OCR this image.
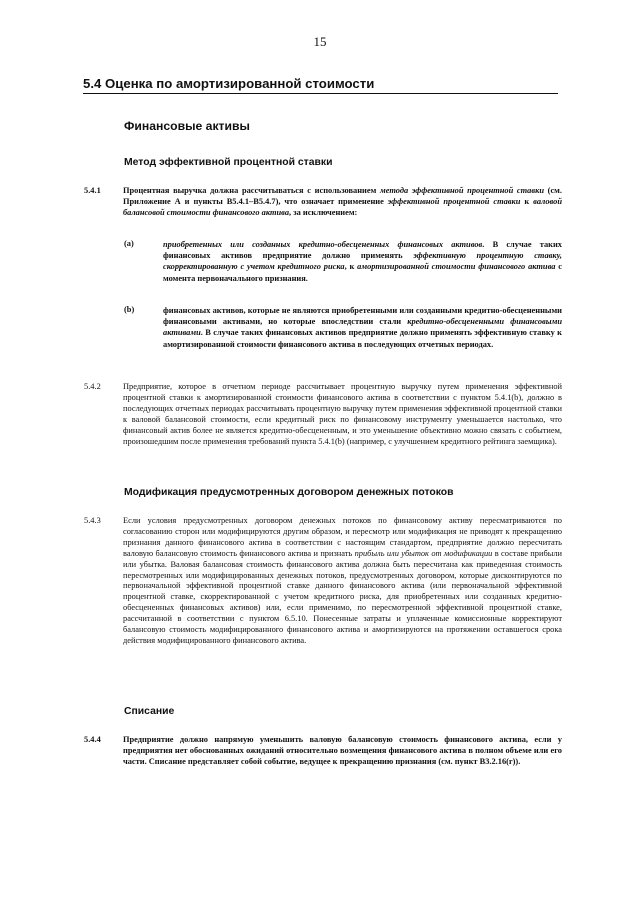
15
5.4 Оценка по амортизированной стоимости
Финансовые активы
Метод эффективной процентной ставки
5.4.1	Процентная выручка должна рассчитываться с использованием метода эффективной процентной ставки (см. Приложение А и пункты В5.4.1–В5.4.7), что означает применение эффективной процентной ставки к валовой балансовой стоимости финансового актива, за исключением:
(a)	приобретенных или созданных кредитно-обесцененных финансовых активов. В случае таких финансовых активов предприятие должно применять эффективную процентную ставку, скорректированную с учетом кредитного риска, к амортизированной стоимости финансового актива с момента первоначального признания.
(b)	финансовых активов, которые не являются приобретенными или созданными кредитно-обесцененными финансовыми активами, но которые впоследствии стали кредитно-обесцененными финансовыми активами. В случае таких финансовых активов предприятие должно применять эффективную ставку к амортизированной стоимости финансового актива в последующих отчетных периодах.
5.4.2	Предприятие, которое в отчетном периоде рассчитывает процентную выручку путем применения эффективной процентной ставки к амортизированной стоимости финансового актива в соответствии с пунктом 5.4.1(b), должно в последующих отчетных периодах рассчитывать процентную выручку путем применения эффективной процентной ставки к валовой балансовой стоимости, если кредитный риск по финансовому инструменту уменьшается настолько, что финансовый актив более не является кредитно-обесцененным, и это уменьшение объективно можно связать с событием, произошедшим после применения требований пункта 5.4.1(b) (например, с улучшением кредитного рейтинга заемщика).
Модификация предусмотренных договором денежных потоков
5.4.3	Если условия предусмотренных договором денежных потоков по финансовому активу пересматриваются по согласованию сторон или модифицируются другим образом, и пересмотр или модификация не приводят к прекращению признания данного финансового актива в соответствии с настоящим стандартом, предприятие должно пересчитать валовую балансовую стоимость финансового актива и признать прибыль или убыток от модификации в составе прибыли или убытка. Валовая балансовая стоимость финансового актива должна быть пересчитана как приведенная стоимость пересмотренных или модифицированных денежных потоков, предусмотренных договором, которые дисконтируются по первоначальной эффективной процентной ставке данного финансового актива (или первоначальной эффективной процентной ставке, скорректированной с учетом кредитного риска, для приобретенных или созданных кредитно-обесцененных финансовых активов) или, если применимо, по пересмотренной эффективной процентной ставке, рассчитанной в соответствии с пунктом 6.5.10. Понесенные затраты и уплаченные комиссионные корректируют балансовую стоимость модифицированного финансового актива и амортизируются на протяжении оставшегося срока действия модифицированного финансового актива.
Списание
5.4.4	Предприятие должно напрямую уменьшить валовую балансовую стоимость финансового актива, если у предприятия нет обоснованных ожиданий относительно возмещения финансового актива в полном объеме или его части. Списание представляет собой событие, ведущее к прекращению признания (см. пункт В3.2.16(r)).
